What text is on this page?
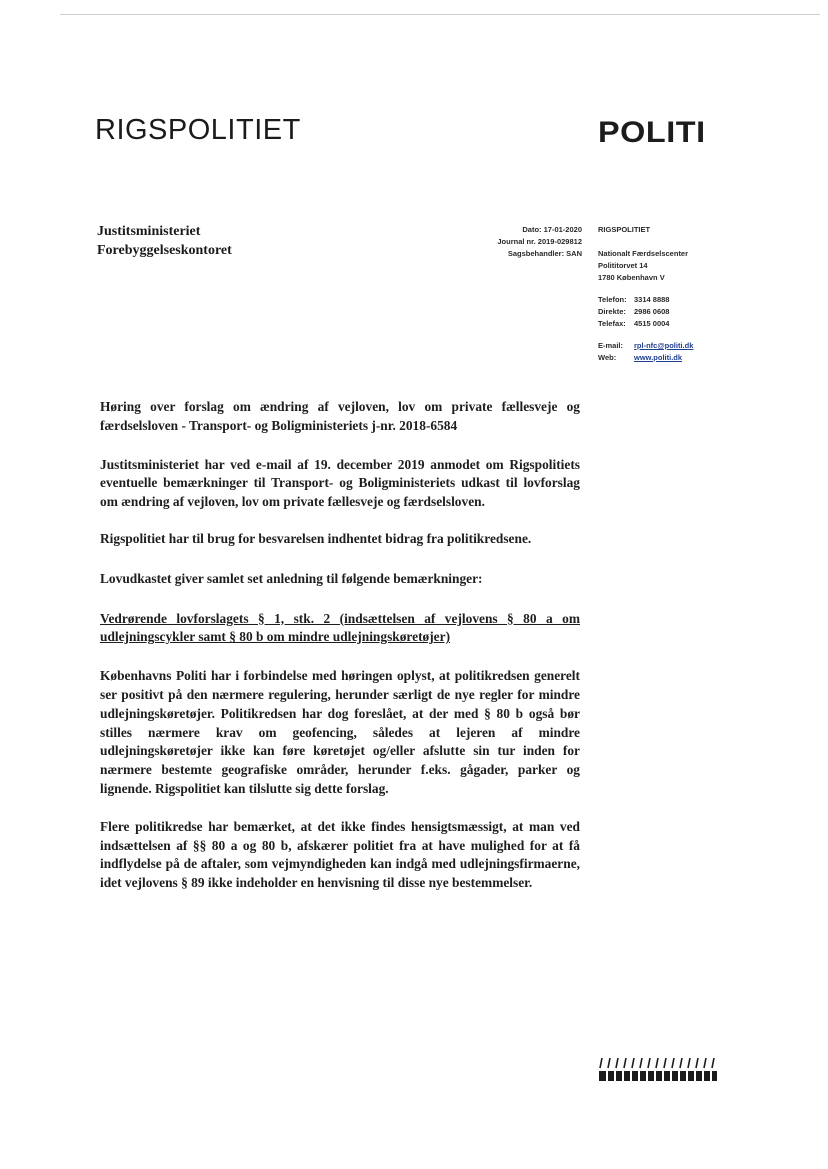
RIGSPOLITIET	POLITI
Justitsministeriet
Forebyggelseskontoret
Dato: 17-01-2020
Journal nr. 2019-029812
Sagsbehandler: SAN
RIGSPOLITIET
Nationalt Færdselscenter
Polititorvet 14
1780 København V
Telefon: 3314 8888
Direkte:	2986 0608
Telefax:	4515 0004
E-mail:	rpl-nfc@politi.dk
Web:	www.politi.dk

Høring over forslag om ændring af vejloven, lov om private fællesveje og færdselsloven - Transport- og Boligministeriets j-nr. 2018-6584

Justitsministeriet har ved e-mail af 19. december 2019 anmodet om Rigspolitiets eventuelle bemærkninger til Transport- og Boligministeriets udkast til lovforslag om ændring af vejloven, lov om private fællesveje og færdselsloven.

Rigspolitiet har til brug for besvarelsen indhentet bidrag fra politikredsene.

Lovudkastet giver samlet set anledning til følgende bemærkninger:

Vedrørende lovforslagets § 1, stk. 2 (indsættelsen af vejlovens § 80 a om udlejningscykler samt § 80 b om mindre udlejningskøretøjer)

Københavns Politi har i forbindelse med høringen oplyst, at politikredsen generelt ser positivt på den nærmere regulering, herunder særligt de nye regler for mindre udlejningskøretøjer. Politikredsen har dog foreslået, at der med § 80 b også bør stilles nærmere krav om geofencing, således at lejeren af mindre udlejningskøretøjer ikke kan føre køretøjet og/eller afslutte sin tur inden for nærmere bestemte geografiske områder, herunder f.eks. gågader, parker og lignende. Rigspolitiet kan tilslutte sig dette forslag.

Flere politikredse har bemærket, at det ikke findes hensigtsmæssigt, at man ved indsættelsen af §§ 80 a og 80 b, afskærer politiet fra at have mulighed for at få indflydelse på de aftaler, som vejmyndigheden kan indgå med udlejningsfirmaerne, idet vejlovens § 89 ikke indeholder en henvisning til disse nye bestemmelser.
